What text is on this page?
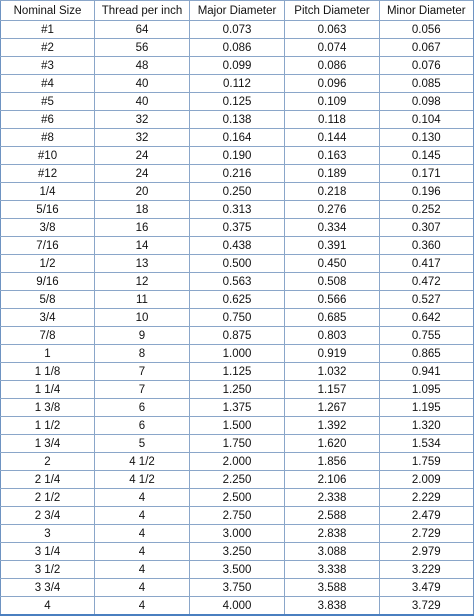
Nominal Size	Thread per inch	Major Diameter	Pitch Diameter	Minor Diameter
#1	64	0.073	0.063	0.056
#2	56	0.086	0.074	0.067
#3	48	0.099	0.086	0.076
#4	40	0.112	0.096	0.085
#5	40	0.125	0.109	0.098
#6	32	0.138	0.118	0.104
#8	32	0.164	0.144	0.130
#10	24	0.190	0.163	0.145
#12	24	0.216	0.189	0.171
1/4	20	0.250	0.218	0.196
5/16	18	0.313	0.276	0.252
3/8	16	0.375	0.334	0.307
7/16	14	0.438	0.391	0.360
1/2	13	0.500	0.450	0.417
9/16	12	0.563	0.508	0.472
5/8	11	0.625	0.566	0.527
3/4	10	0.750	0.685	0.642
7/8	9	0.875	0.803	0.755
1	8	1.000	0.919	0.865
1 1/8	7	1.125	1.032	0.941
1 1/4	7	1.250	1.157	1.095
1 3/8	6	1.375	1.267	1.195
1 1/2	6	1.500	1.392	1.320
1 3/4	5	1.750	1.620	1.534
2	4 1/2	2.000	1.856	1.759
2 1/4	4 1/2	2.250	2.106	2.009
2 1/2	4	2.500	2.338	2.229
2 3/4	4	2.750	2.588	2.479
3	4	3.000	2.838	2.729
3 1/4	4	3.250	3.088	2.979
3 1/2	4	3.500	3.338	3.229
3 3/4	4	3.750	3.588	3.479
4	4	4.000	3.838	3.729
